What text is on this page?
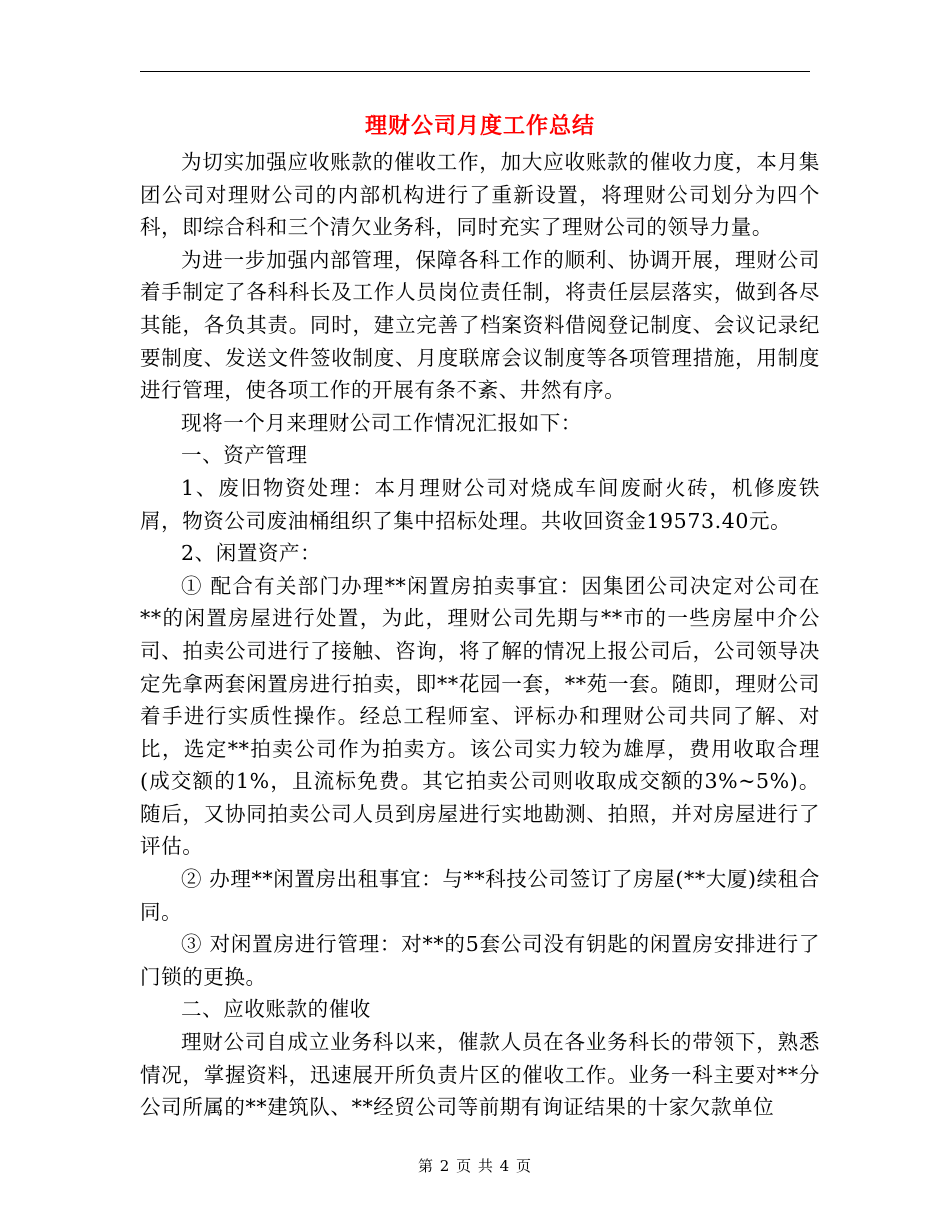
理财公司月度工作总结

为切实加强应收账款的催收工作，加大应收账款的催收力度，本月集团公司对理财公司的内部机构进行了重新设置，将理财公司划分为四个科，即综合科和三个清欠业务科，同时充实了理财公司的领导力量。

为进一步加强内部管理，保障各科工作的顺利、协调开展，理财公司着手制定了各科科长及工作人员岗位责任制，将责任层层落实，做到各尽其能，各负其责。同时，建立完善了档案资料借阅登记制度、会议记录纪要制度、发送文件签收制度、月度联席会议制度等各项管理措施，用制度进行管理，使各项工作的开展有条不紊、井然有序。

现将一个月来理财公司工作情况汇报如下：

一、资产管理

1、废旧物资处理：本月理财公司对烧成车间废耐火砖，机修废铁屑，物资公司废油桶组织了集中招标处理。共收回资金19573.40元。

2、闲置资产：

① 配合有关部门办理**闲置房拍卖事宜：因集团公司决定对公司在**的闲置房屋进行处置，为此，理财公司先期与**市的一些房屋中介公司、拍卖公司进行了接触、咨询，将了解的情况上报公司后，公司领导决定先拿两套闲置房进行拍卖，即**花园一套，**苑一套。随即，理财公司着手进行实质性操作。经总工程师室、评标办和理财公司共同了解、对比，选定**拍卖公司作为拍卖方。该公司实力较为雄厚，费用收取合理(成交额的1%，且流标免费。其它拍卖公司则收取成交额的3%~5%)。随后，又协同拍卖公司人员到房屋进行实地勘测、拍照，并对房屋进行了评估。

② 办理**闲置房出租事宜：与**科技公司签订了房屋(**大厦)续租合同。

③ 对闲置房进行管理：对**的5套公司没有钥匙的闲置房安排进行了门锁的更换。

二、应收账款的催收

理财公司自成立业务科以来，催款人员在各业务科长的带领下，熟悉情况，掌握资料，迅速展开所负责片区的催收工作。业务一科主要对**分公司所属的**建筑队、**经贸公司等前期有询证结果的十家欠款单位

第 2 页 共 4 页
